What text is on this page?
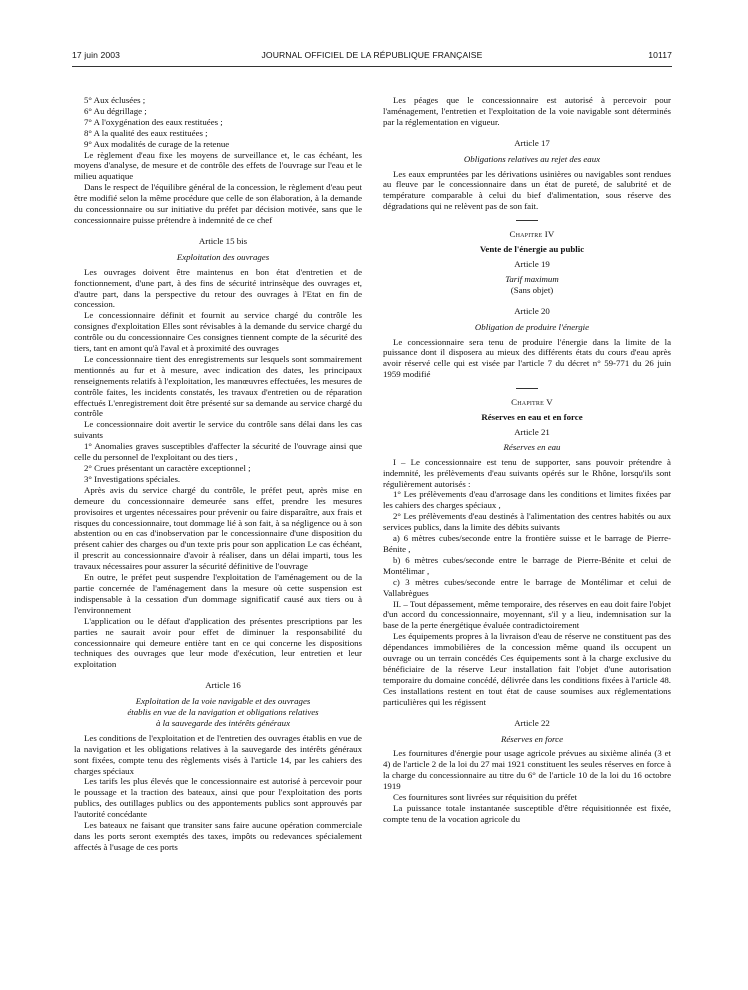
17 juin 2003	JOURNAL OFFICIEL DE LA RÉPUBLIQUE FRANÇAISE	10117

5° Aux éclusées ;

6° Au dégrillage ;

7° A l'oxygénation des eaux restituées ;

8° A la qualité des eaux restituées ;

9° Aux modalités de curage de la retenue

Le règlement d'eau fixe les moyens de surveillance et, le cas échéant, les moyens d'analyse, de mesure et de contrôle des effets de l'ouvrage sur l'eau et le milieu aquatique

Dans le respect de l'équilibre général de la concession, le règlement d'eau peut être modifié selon la même procédure que celle de son élaboration, à la demande du concessionnaire ou sur initiative du préfet par décision motivée, sans que le concessionnaire puisse prétendre à indemnité de ce chef

Article 15 bis

Exploitation des ouvrages

Les ouvrages doivent être maintenus en bon état d'entretien et de fonctionnement, d'une part, à des fins de sécurité intrinsèque des ouvrages et, d'autre part, dans la perspective du retour des ouvrages à l'Etat en fin de concession.

Le concessionnaire définit et fournit au service chargé du contrôle les consignes d'exploitation Elles sont révisables à la demande du service chargé du contrôle ou du concessionnaire Ces consignes tiennent compte de la sécurité des tiers, tant en amont qu'à l'aval et à proximité des ouvrages

Le concessionnaire tient des enregistrements sur lesquels sont sommairement mentionnés au fur et à mesure, avec indication des dates, les principaux renseignements relatifs à l'exploitation, les manœuvres effectuées, les mesures de contrôle faites, les incidents constatés, les travaux d'entretien ou de réparation effectués L'enregistrement doit être présenté sur sa demande au service chargé du contrôle

Le concessionnaire doit avertir le service du contrôle sans délai dans les cas suivants

1° Anomalies graves susceptibles d'affecter la sécurité de l'ouvrage ainsi que celle du personnel de l'exploitant ou des tiers ,

2° Crues présentant un caractère exceptionnel ;

3° Investigations spéciales.

Après avis du service chargé du contrôle, le préfet peut, après mise en demeure du concessionnaire demeurée sans effet, prendre les mesures provisoires et urgentes nécessaires pour prévenir ou faire disparaître, aux frais et risques du concessionnaire, tout dommage lié à son fait, à sa négligence ou à son abstention ou en cas d'inobservation par le concessionnaire d'une disposition du présent cahier des charges ou d'un texte pris pour son application Le cas échéant, il prescrit au concessionnaire d'avoir à réaliser, dans un délai imparti, tous les travaux nécessaires pour assurer la sécurité définitive de l'ouvrage

En outre, le préfet peut suspendre l'exploitation de l'aménagement ou de la partie concernée de l'aménagement dans la mesure où cette suspension est indispensable à la cessation d'un dommage significatif causé aux tiers ou à l'environnement

L'application ou le défaut d'application des présentes prescriptions par les parties ne saurait avoir pour effet de diminuer la responsabilité du concessionnaire qui demeure entière tant en ce qui concerne les dispositions techniques des ouvrages que leur mode d'exécution, leur entretien et leur exploitation

Article 16

Exploitation de la voie navigable et des ouvrages

établis en vue de la navigation et obligations relatives

à la sauvegarde des intérêts généraux

Les conditions de l'exploitation et de l'entretien des ouvrages établis en vue de la navigation et les obligations relatives à la sauvegarde des intérêts généraux sont fixées, compte tenu des règlements visés à l'article 14, par les cahiers des charges spéciaux

Les tarifs les plus élevés que le concessionnaire est autorisé à percevoir pour le poussage et la traction des bateaux, ainsi que pour l'exploitation des ports publics, des outillages publics ou des appontements publics sont approuvés par l'autorité concédante

Les bateaux ne faisant que transiter sans faire aucune opération commerciale dans les ports seront exemptés des taxes, impôts ou redevances spécialement affectés à l'usage de ces ports

Les péages que le concessionnaire est autorisé à percevoir pour l'aménagement, l'entretien et l'exploitation de la voie navigable sont déterminés par la réglementation en vigueur.

Article 17

Obligations relatives au rejet des eaux

Les eaux empruntées par les dérivations usinières ou navigables sont rendues au fleuve par le concessionnaire dans un état de pureté, de salubrité et de température comparable à celui du bief d'alimentation, sous réserve des dégradations qui ne relèvent pas de son fait.

Chapitre IV

Vente de l'énergie au public

Article 19

Tarif maximum

(Sans objet)

Article 20

Obligation de produire l'énergie

Le concessionnaire sera tenu de produire l'énergie dans la limite de la puissance dont il disposera au mieux des différents états du cours d'eau après avoir réservé celle qui est visée par l'article 7 du décret n° 59-771 du 26 juin 1959 modifié

Chapitre V

Réserves en eau et en force

Article 21

Réserves en eau

I – Le concessionnaire est tenu de supporter, sans pouvoir prétendre à indemnité, les prélèvements d'eau suivants opérés sur le Rhône, lorsqu'ils sont régulièrement autorisés :

1° Les prélèvements d'eau d'arrosage dans les conditions et limites fixées par les cahiers des charges spéciaux ,

2° Les prélèvements d'eau destinés à l'alimentation des centres habités ou aux services publics, dans la limite des débits suivants

a) 6 mètres cubes/seconde entre la frontière suisse et le barrage de Pierre-Bénite ,

b) 6 mètres cubes/seconde entre le barrage de Pierre-Bénite et celui de Montélimar ,

c) 3 mètres cubes/seconde entre le barrage de Montélimar et celui de Vallabrègues

II. – Tout dépassement, même temporaire, des réserves en eau doit faire l'objet d'un accord du concessionnaire, moyennant, s'il y a lieu, indemnisation sur la base de la perte énergétique évaluée contradictoirement

Les équipements propres à la livraison d'eau de réserve ne constituent pas des dépendances immobilières de la concession même quand ils occupent un ouvrage ou un terrain concédés Ces équipements sont à la charge exclusive du bénéficiaire de la réserve Leur installation fait l'objet d'une autorisation temporaire du domaine concédé, délivrée dans les conditions fixées à l'article 48. Ces installations restent en tout état de cause soumises aux réglementations particulières qui les régissent

Article 22

Réserves en force

Les fournitures d'énergie pour usage agricole prévues au sixième alinéa (3 et 4) de l'article 2 de la loi du 27 mai 1921 constituent les seules réserves en force à la charge du concessionnaire au titre du 6° de l'article 10 de la loi du 16 octobre 1919

Ces fournitures sont livrées sur réquisition du préfet

La puissance totale instantanée susceptible d'être réquisitionnée est fixée, compte tenu de la vocation agricole du
